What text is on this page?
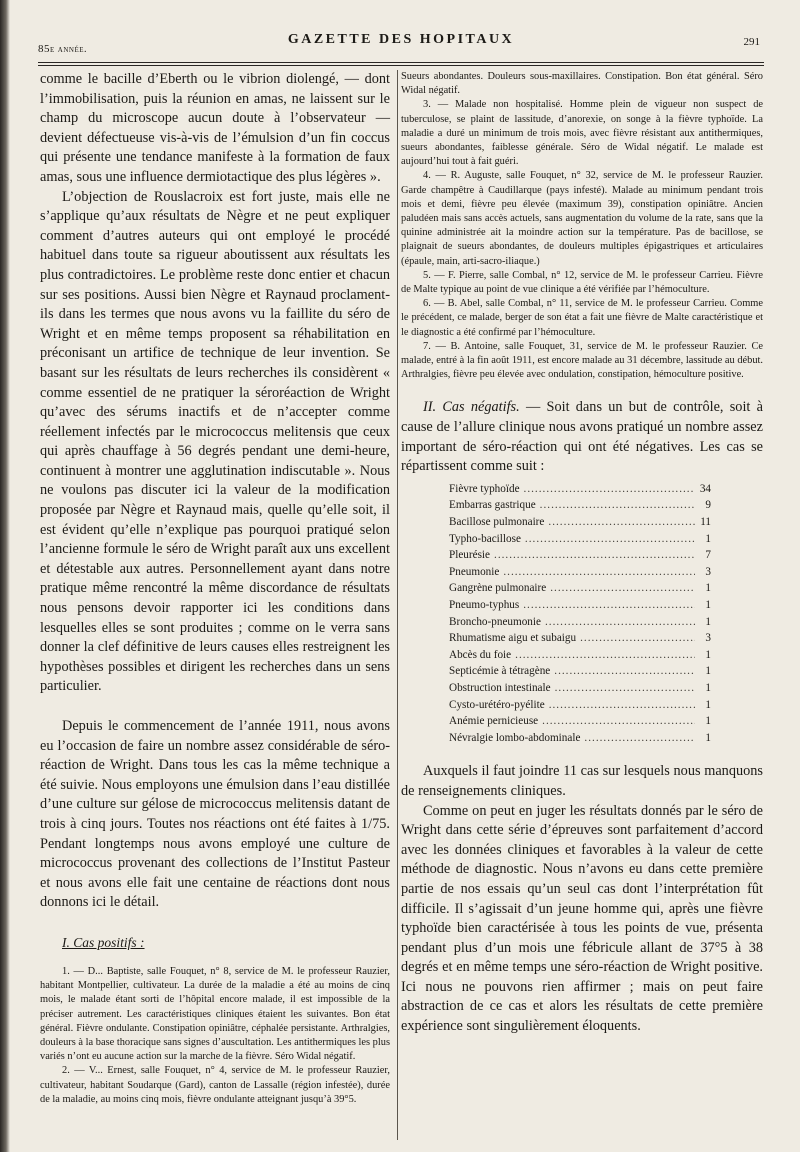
85e année.
GAZETTE DES HOPITAUX	291

comme le bacille d’Eberth ou le vibrion diolengé, — dont l’immobilisation, puis la réunion en amas, ne laissent sur le champ du microscope aucun doute à l’observateur — devient défectueuse vis-à-vis de l’émulsion d’un fin coccus qui présente une tendance manifeste à la formation de faux amas, sous une influence dermiotactique des plus légères ».

L’objection de Rouslacroix est fort juste, mais elle ne s’applique qu’aux résultats de Nègre et ne peut expliquer comment d’autres auteurs qui ont employé le procédé habituel dans toute sa rigueur aboutissent aux résultats les plus contradictoires. Le problème reste donc entier et chacun sur ses positions. Aussi bien Nègre et Raynaud proclament-ils dans les termes que nous avons vu la faillite du séro de Wright et en même temps proposent sa réhabilitation en préconisant un artifice de technique de leur invention. Se basant sur les résultats de leurs recherches ils considèrent « comme essentiel de ne pratiquer la séroréaction de Wright qu’avec des sérums inactifs et de n’accepter comme réellement infectés par le micrococcus melitensis que ceux qui après chauffage à 56 degrés pendant une demi-heure, continuent à montrer une agglutination indiscutable ». Nous ne voulons pas discuter ici la valeur de la modification proposée par Nègre et Raynaud mais, quelle qu’elle soit, il est évident qu’elle n’explique pas pourquoi pratiqué selon l’ancienne formule le séro de Wright paraît aux uns excellent et détestable aux autres. Personnellement ayant dans notre pratique même rencontré la même discordance de résultats nous pensons devoir rapporter ici les conditions dans lesquelles elles se sont produites ; comme on le verra sans donner la clef définitive de leurs causes elles restreignent les hypothèses possibles et dirigent les recherches dans un sens particulier.

Depuis le commencement de l’année 1911, nous avons eu l’occasion de faire un nombre assez considérable de séro-réaction de Wright. Dans tous les cas la même technique a été suivie. Nous employons une émulsion dans l’eau distillée d’une culture sur gélose de micrococcus melitensis datant de trois à cinq jours. Toutes nos réactions ont été faites à 1/75. Pendant longtemps nous avons employé une culture de micrococcus provenant des collections de l’Institut Pasteur et nous avons elle fait une centaine de réactions dont nous donnons ici le détail.

I. Cas positifs :

1. — D... Baptiste, salle Fouquet, n° 8, service de M. le professeur Rauzier, habitant Montpellier, cultivateur. La durée de la maladie a été au moins de cinq mois, le malade étant sorti de l’hôpital encore malade, il est impossible de la préciser autrement. Les caractéristiques cliniques étaient les suivantes. Bon état général. Fièvre ondulante. Constipation opiniâtre, céphalée persistante. Arthralgies, douleurs à la base thoracique sans signes d’auscultation. Les antithermiques les plus variés n’ont eu aucune action sur la marche de la fièvre. Séro Widal négatif.

2. — V... Ernest, salle Fouquet, n° 4, service de M. le professeur Rauzier, cultivateur, habitant Soudarque (Gard), canton de Lassalle (région infestée), durée de la maladie, au moins cinq mois, fièvre ondulante atteignant jusqu’à 39°5.

Sueurs abondantes. Douleurs sous-maxillaires. Constipation. Bon état général. Séro Widal négatif.

3. — Malade non hospitalisé. Homme plein de vigueur non suspect de tuberculose, se plaint de lassitude, d’anorexie, on songe à la fièvre typhoïde. La maladie a duré un minimum de trois mois, avec fièvre résistant aux antithermiques, sueurs abondantes, faiblesse générale. Séro de Widal négatif. Le malade est aujourd’hui tout à fait guéri.

4. — R. Auguste, salle Fouquet, n° 32, service de M. le professeur Rauzier. Garde champêtre à Caudillarque (pays infesté). Malade au minimum pendant trois mois et demi, fièvre peu élevée (maximum 39), constipation opiniâtre. Ancien paludéen mais sans accès actuels, sans augmentation du volume de la rate, sans que la quinine administrée ait la moindre action sur la température. Pas de bacillose, se plaignait de sueurs abondantes, de douleurs multiples épigastriques et articulaires (épaule, main, arti-sacro-iliaque.)

5. — F. Pierre, salle Combal, n° 12, service de M. le professeur Carrieu. Fièvre de Malte typique au point de vue clinique a été vérifiée par l’hémoculture.

6. — B. Abel, salle Combal, n° 11, service de M. le professeur Carrieu. Comme le précédent, ce malade, berger de son état a fait une fièvre de Malte caractéristique et le diagnostic a été confirmé par l’hémoculture.

7. — B. Antoine, salle Fouquet, 31, service de M. le professeur Rauzier. Ce malade, entré à la fin août 1911, est encore malade au 31 décembre, lassitude au début. Arthralgies, fièvre peu élevée avec ondulation, constipation, hémoculture positive.

II. Cas négatifs. — Soit dans un but de contrôle, soit à cause de l’allure clinique nous avons pratiqué un nombre assez important de séro-réaction qui ont été négatives. Les cas se répartissent comme suit :

Fièvre typhoïde .....	34
Embarras gastrique .....	9
Bacillose pulmonaire .....	11
Typho-bacillose .....	1
Pleurésie .....	7
Pneumonie .....	3
Gangrène pulmonaire .....	1
Pneumo-typhus .....	1
Broncho-pneumonie .....	1
Rhumatisme aigu et subaigu .....	3
Abcès du foie .....	1
Septicémie à tétragène .....	1
Obstruction intestinale .....	1
Cysto-urétéro-pyélite .....	1
Anémie pernicieuse .....	1
Névralgie lombo-abdominale .....	1

Auxquels il faut joindre 11 cas sur lesquels nous manquons de renseignements cliniques.

Comme on peut en juger les résultats donnés par le séro de Wright dans cette série d’épreuves sont parfaitement d’accord avec les données cliniques et favorables à la valeur de cette méthode de diagnostic. Nous n’avons eu dans cette première partie de nos essais qu’un seul cas dont l’interprétation fût difficile. Il s’agissait d’un jeune homme qui, après une fièvre typhoïde bien caractérisée à tous les points de vue, présenta pendant plus d’un mois une fébricule allant de 37°5 à 38 degrés et en même temps une séro-réaction de Wright positive. Ici nous ne pouvons rien affirmer ; mais on peut faire abstraction de ce cas et alors les résultats de cette première expérience sont singulièrement éloquents.
